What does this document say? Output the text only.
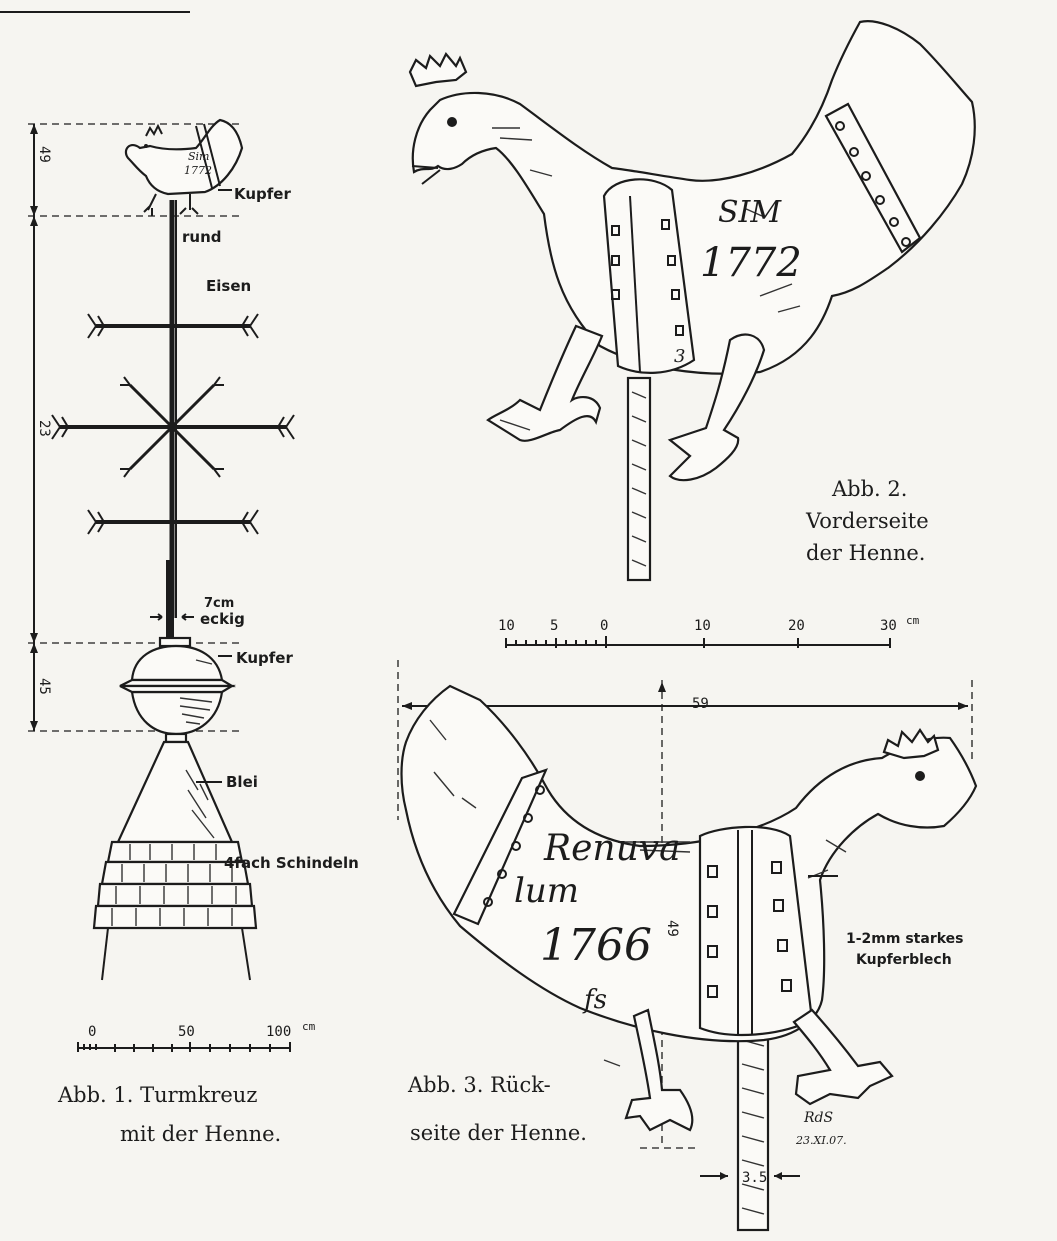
49
23
45
Sim
1772
Kupfer
rund
Eisen
7cm
eckig
Kupfer
Blei
4fach Schindeln
0	50	100 cm
Abb. 1. Turmkreuz
mit der Henne.
SIM
1772
3
Abb. 2.
Vorderseite
der Henne.
10	5	0	10	20	30 cm
59
49
3.5
Renuva
lum
1766
fs
1-2mm starkes
Kupferblech
RdS
23.XI.07.
Abb. 3. Rück-
seite der Henne.
